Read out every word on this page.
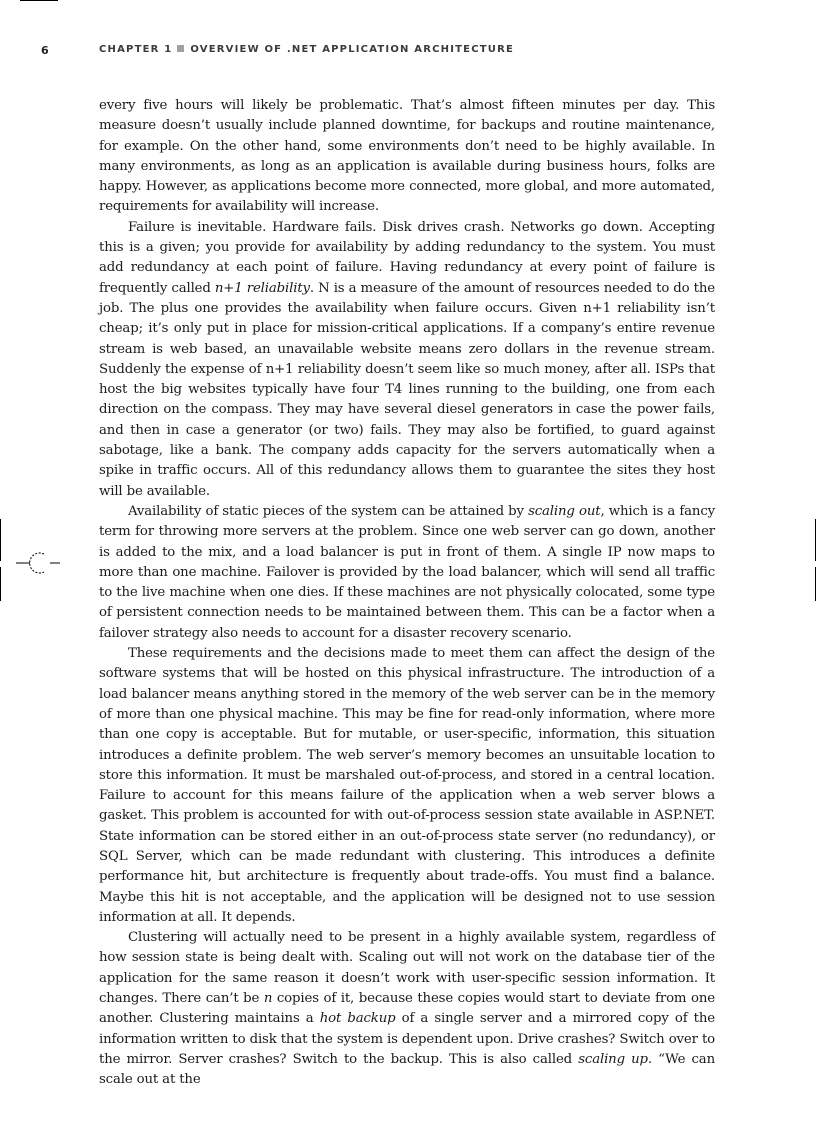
6	CHAPTER 1 OVERVIEW OF .NET APPLICATION ARCHITECTURE

every five hours will likely be problematic. That’s almost fifteen minutes per day. This measure doesn’t usually include planned downtime, for backups and routine maintenance, for example. On the other hand, some environments don’t need to be highly available. In many environments, as long as an application is available during business hours, folks are happy. However, as applications become more connected, more global, and more automated, requirements for availability will increase.

Failure is inevitable. Hardware fails. Disk drives crash. Networks go down. Accepting this is a given; you provide for availability by adding redundancy to the system. You must add redundancy at each point of failure. Having redundancy at every point of failure is frequently called n+1 reliability. N is a measure of the amount of resources needed to do the job. The plus one provides the availability when failure occurs. Given n+1 reliability isn’t cheap; it’s only put in place for mission-critical applications. If a company’s entire revenue stream is web based, an unavailable website means zero dollars in the revenue stream. Suddenly the expense of n+1 reliability doesn’t seem like so much money, after all. ISPs that host the big websites typically have four T4 lines running to the building, one from each direction on the compass. They may have several diesel generators in case the power fails, and then in case a generator (or two) fails. They may also be fortified, to guard against sabotage, like a bank. The company adds capacity for the servers automatically when a spike in traffic occurs. All of this redundancy allows them to guarantee the sites they host will be available.

Availability of static pieces of the system can be attained by scaling out, which is a fancy term for throwing more servers at the problem. Since one web server can go down, another is added to the mix, and a load balancer is put in front of them. A single IP now maps to more than one machine. Failover is provided by the load balancer, which will send all traffic to the live machine when one dies. If these machines are not physically colocated, some type of persistent connection needs to be maintained between them. This can be a factor when a failover strategy also needs to account for a disaster recovery scenario.

These requirements and the decisions made to meet them can affect the design of the software systems that will be hosted on this physical infrastructure. The introduction of a load balancer means anything stored in the memory of the web server can be in the memory of more than one physical machine. This may be fine for read-only information, where more than one copy is acceptable. But for mutable, or user-specific, information, this situation introduces a definite problem. The web server’s memory becomes an unsuitable location to store this information. It must be marshaled out-of-process, and stored in a central location. Failure to account for this means failure of the application when a web server blows a gasket. This problem is accounted for with out-of-process session state available in ASP.NET. State information can be stored either in an out-of-process state server (no redundancy), or SQL Server, which can be made redundant with clustering. This introduces a definite performance hit, but architecture is frequently about trade-offs. You must find a balance. Maybe this hit is not acceptable, and the application will be designed not to use session information at all. It depends.

Clustering will actually need to be present in a highly available system, regardless of how session state is being dealt with. Scaling out will not work on the database tier of the application for the same reason it doesn’t work with user-specific session information. It changes. There can’t be n copies of it, because these copies would start to deviate from one another. Clustering maintains a hot backup of a single server and a mirrored copy of the information written to disk that the system is dependent upon. Drive crashes? Switch over to the mirror. Server crashes? Switch to the backup. This is also called scaling up. “We can scale out at the
